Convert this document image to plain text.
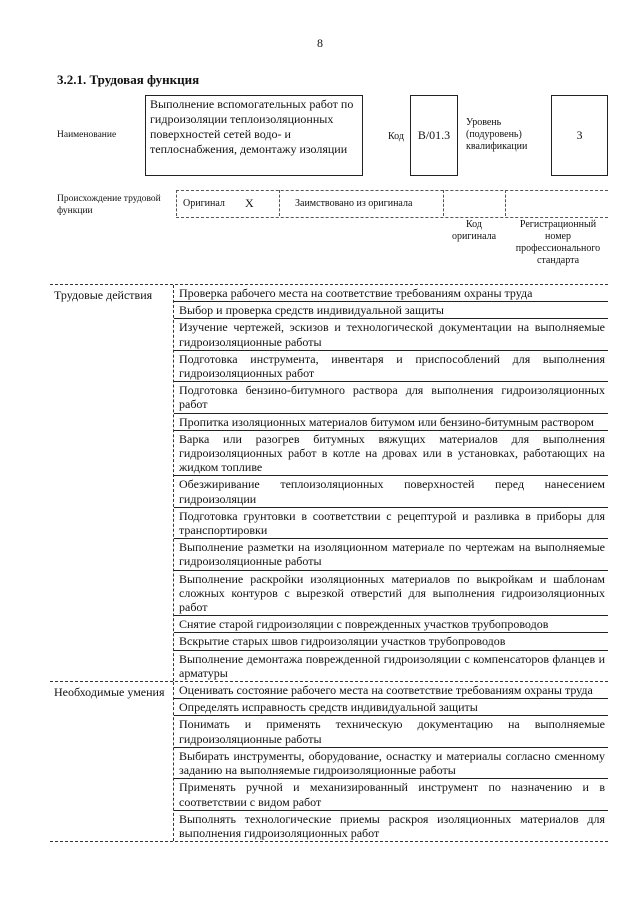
8
3.2.1. Трудовая функция
Наименование
Выполнение вспомогательных работ по гидроизоляции теплоизоляционных поверхностей сетей водо- и теплоснабжения, демонтажу изоляции
Код	В/01.3
Уровень (подуровень) квалификации
3
Происхождение трудовой функции
Оригинал X	Заимствовано из оригинала
Код оригинала
Регистрационный номер профессионального стандарта
Трудовые действия	Проверка рабочего места на соответствие требованиям охраны труда
Выбор и проверка средств индивидуальной защиты
Изучение чертежей, эскизов и технологической документации на выполняемые гидроизоляционные работы
Подготовка инструмента, инвентаря и приспособлений для выполнения гидроизоляционных работ
Подготовка бензино-битумного раствора для выполнения гидроизоляционных работ
Пропитка изоляционных материалов битумом или бензино-битумным раствором
Варка или разогрев битумных вяжущих материалов для выполнения гидроизоляционных работ в котле на дровах или в установках, работающих на жидком топливе
Обезжиривание теплоизоляционных поверхностей перед нанесением гидроизоляции
Подготовка грунтовки в соответствии с рецептурой и разливка в приборы для транспортировки
Выполнение разметки на изоляционном материале по чертежам на выполняемые гидроизоляционные работы
Выполнение раскройки изоляционных материалов по выкройкам и шаблонам сложных контуров с вырезкой отверстий для выполнения гидроизоляционных работ
Снятие старой гидроизоляции с поврежденных участков трубопроводов
Вскрытие старых швов гидроизоляции участков трубопроводов
Выполнение демонтажа поврежденной гидроизоляции с компенсаторов фланцев и арматуры
Необходимые умения	Оценивать состояние рабочего места на соответствие требованиям охраны труда
Определять исправность средств индивидуальной защиты
Понимать и применять техническую документацию на выполняемые гидроизоляционные работы
Выбирать инструменты, оборудование, оснастку и материалы согласно сменному заданию на выполняемые гидроизоляционные работы
Применять ручной и механизированный инструмент по назначению и в соответствии с видом работ
Выполнять технологические приемы раскроя изоляционных материалов для выполнения гидроизоляционных работ
